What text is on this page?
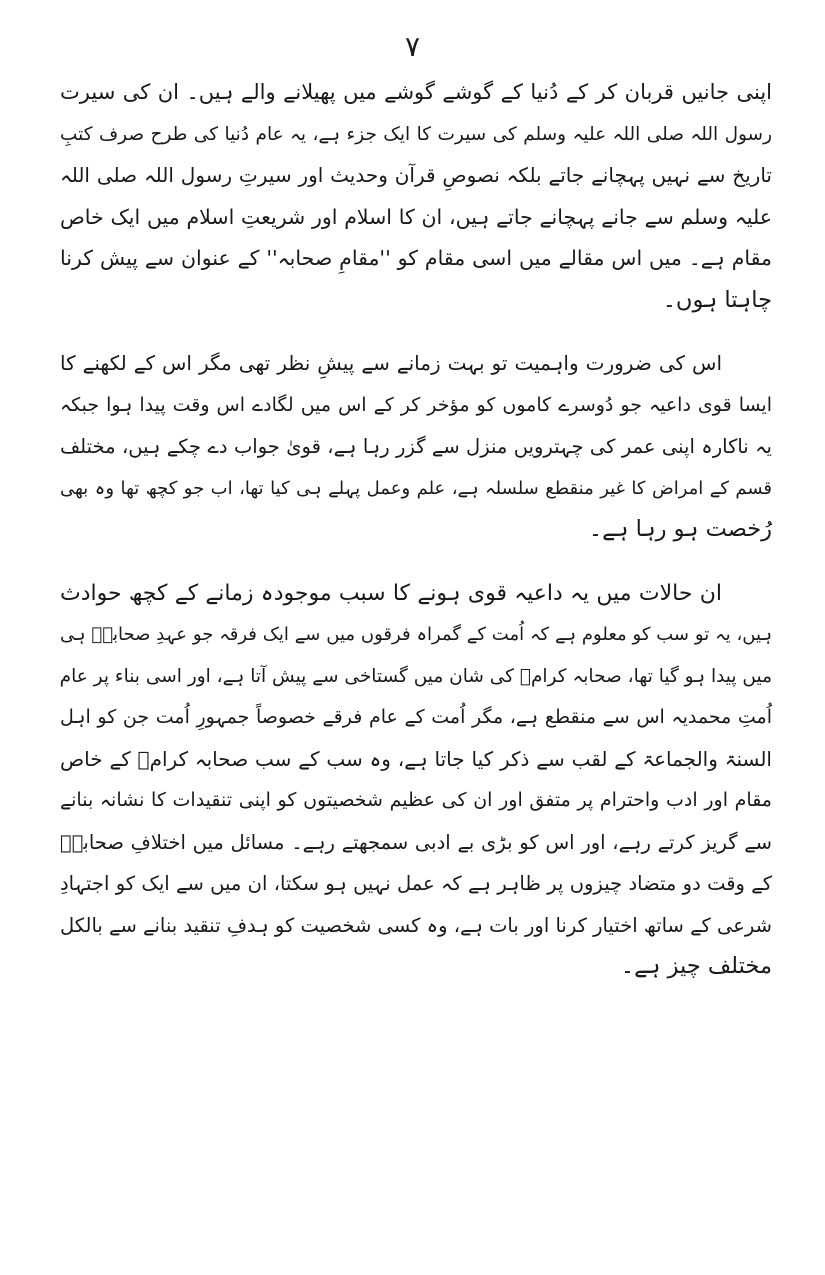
۷
اپنی جانیں قربان کر کے دُنیا کے گوشے گوشے میں پھیلانے والے ہیں۔ ان کی سیرت
رسول اللہ صلی اللہ علیہ وسلم کی سیرت کا ایک جزء ہے، یہ عام دُنیا کی طرح صرف کتبِ
تاریخ سے نہیں پہچانے جاتے بلکہ نصوصِ قرآن وحدیث اور سیرتِ رسول اللہ صلی اللہ
علیہ وسلم سے جانے پہچانے جاتے ہیں، ان کا اسلام اور شریعتِ اسلام میں ایک خاص
مقام ہے۔ میں اس مقالے میں اسی مقام کو ''مقامِ صحابہ'' کے عنوان سے پیش کرنا
چاہتا ہوں۔
اس کی ضرورت واہمیت تو بہت زمانے سے پیشِ نظر تھی مگر اس کے لکھنے کا
ایسا قوی داعیہ جو دُوسرے کاموں کو مؤخر کر کے اس میں لگادے اس وقت پیدا ہوا جبکہ
یہ ناکارہ اپنی عمر کی چہترویں منزل سے گزر رہا ہے، قویٰ جواب دے چکے ہیں، مختلف
قسم کے امراض کا غیر منقطع سلسلہ ہے، علم وعمل پہلے ہی کیا تھا، اب جو کچھ تھا وہ بھی
رُخصت ہو رہا ہے۔
ان حالات میں یہ داعیہ قوی ہونے کا سبب موجودہ زمانے کے کچھ حوادث
ہیں، یہ تو سب کو معلوم ہے کہ اُمت کے گمراہ فرقوں میں سے ایک فرقہ جو عہدِ صحابہؓ ہی
میں پیدا ہو گیا تھا، صحابہ کرامؓ کی شان میں گستاخی سے پیش آتا ہے، اور اسی بناء پر عام
اُمتِ محمدیہ اس سے منقطع ہے، مگر اُمت کے عام فرقے خصوصاً جمہورِ اُمت جن کو اہل
السنۃ والجماعۃ کے لقب سے ذکر کیا جاتا ہے، وہ سب کے سب صحابہ کرامؓ کے خاص
مقام اور ادب واحترام پر متفق اور ان کی عظیم شخصیتوں کو اپنی تنقیدات کا نشانہ بنانے
سے گریز کرتے رہے، اور اس کو بڑی بے ادبی سمجھتے رہے۔ مسائل میں اختلافِ صحابہؓ
کے وقت دو متضاد چیزوں پر ظاہر ہے کہ عمل نہیں ہو سکتا، ان میں سے ایک کو اجتہادِ
شرعی کے ساتھ اختیار کرنا اور بات ہے، وہ کسی شخصیت کو ہدفِ تنقید بنانے سے بالکل
مختلف چیز ہے۔
